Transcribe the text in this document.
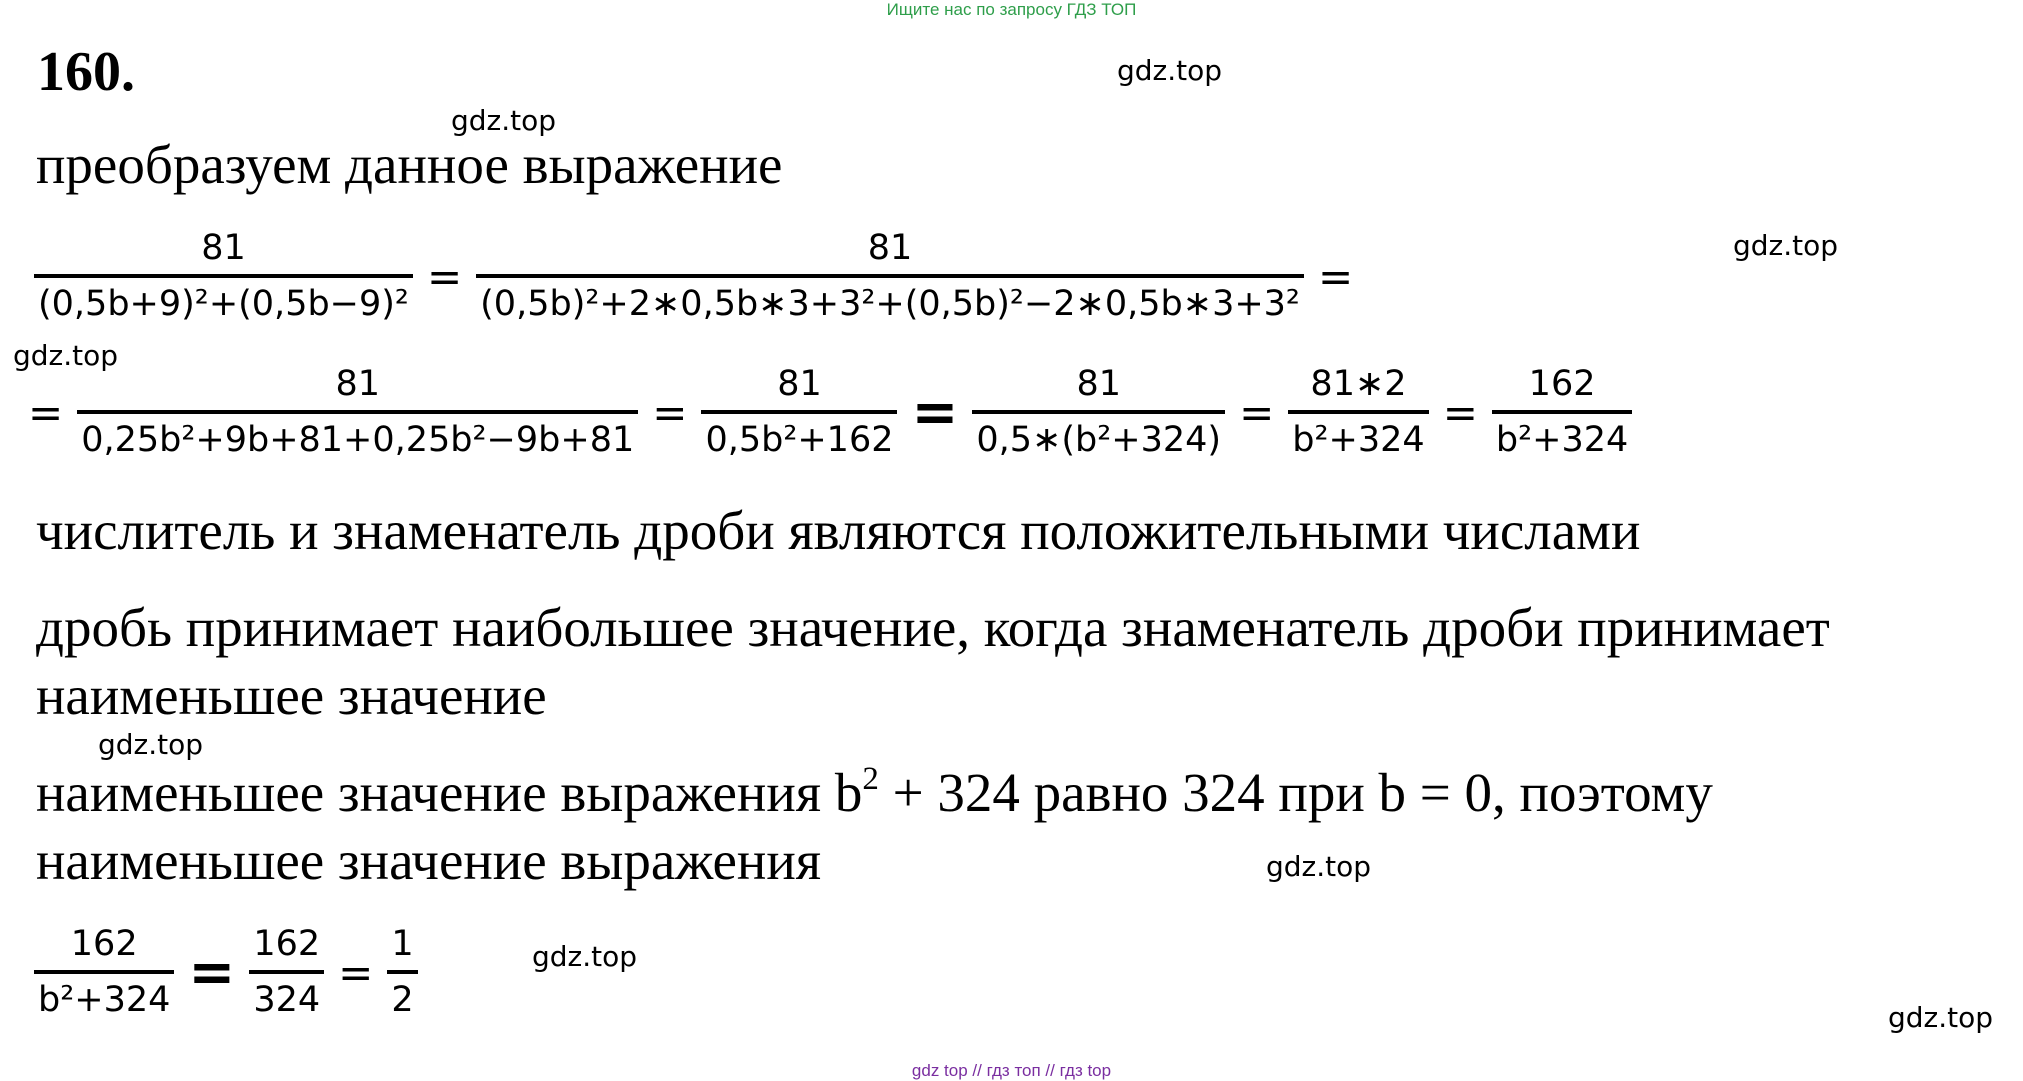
Ищите нас по запросу ГДЗ ТОП
160.	gdz.top
gdz.top
gdz.top
gdz.top
gdz.top
gdz.top
gdz.top
gdz.top
преобразуем данное выражение
$\frac{81}{\text{(0,5b+9)²+(0,5b−9)²}} = \frac{81}{\text{(0,5b)²+2∗0,5b∗3+3²+(0,5b)²−2∗0,5b∗3+3²}}$ =
= $\frac{81}{\text{0,25b²+9b+81+0,25b²−9b+81}} = \frac{81}{\text{0,5b²+162}} = \frac{81}{\text{0,5∗(b²+324)}} = \frac{81∗2}{\text{b²+324}} = \frac{162}{\text{b²+324}}$
числитель и знаменатель дроби являются положительными числами
дробь принимает наибольшее значение, когда знаменатель дроби принимает
наименьшее значение
наименьшее значение выражения $b^2 + 324$ равно 324 при b = 0, поэтому
наименьшее значение выражения
$\frac{162}{\text{b²+324}} = \frac{162}{324} = \frac{1}{2}$
gdz top // гдз топ // гдз top
